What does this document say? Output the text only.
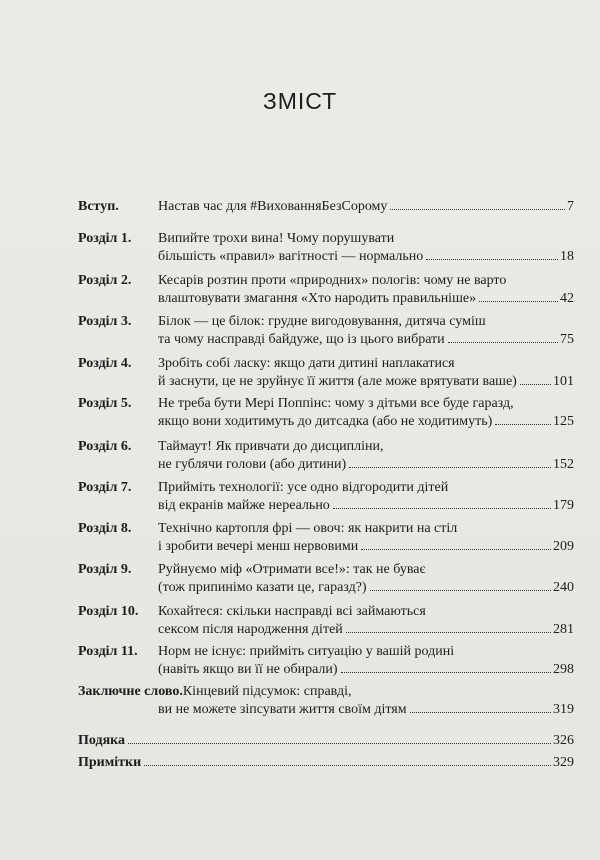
ЗМІСТ
Вступ.	Настав час для #ВихованняБезСорому	7
Розділ 1. Випийте трохи вина! Чому порушувати
більшість «правил» вагітності — нормально	18
Розділ 2. Кесарів розтин проти «природних» пологів: чому не варто
влаштовувати змагання «Хто народить правильніше»	42
Розділ 3. Білок — це білок: грудне вигодовування, дитяча суміш
та чому насправді байдуже, що із цього вибрати	75
Розділ 4. Зробіть собі ласку: якщо дати дитині наплакатися
й заснути, це не зруйнує її життя (але може врятувати ваше)	101
Розділ 5. Не треба бути Мері Поппінс: чому з дітьми все буде гаразд,
якщо вони ходитимуть до дитсадка (або не ходитимуть)	125
Розділ 6. Таймаут! Як привчати до дисципліни,
не гублячи голови (або дитини)	152
Розділ 7. Прийміть технології: усе одно відгородити дітей
від екранів майже нереально	179
Розділ 8. Технічно картопля фрі — овоч: як накрити на стіл
і зробити вечері менш нервовими	209
Розділ 9. Руйнуємо міф «Отримати все!»: так не буває
(тож припинімо казати це, гаразд?)	240
Розділ 10. Кохайтеся: скільки насправді всі займаються
сексом після народження дітей	281
Розділ 11. Норм не існує: прийміть ситуацію у вашій родині
(навіть якщо ви її не обирали)	298
Заключне слово. Кінцевий підсумок: справді,
ви не можете зіпсувати життя своїм дітям	319
Подяка	326
Примітки	329
